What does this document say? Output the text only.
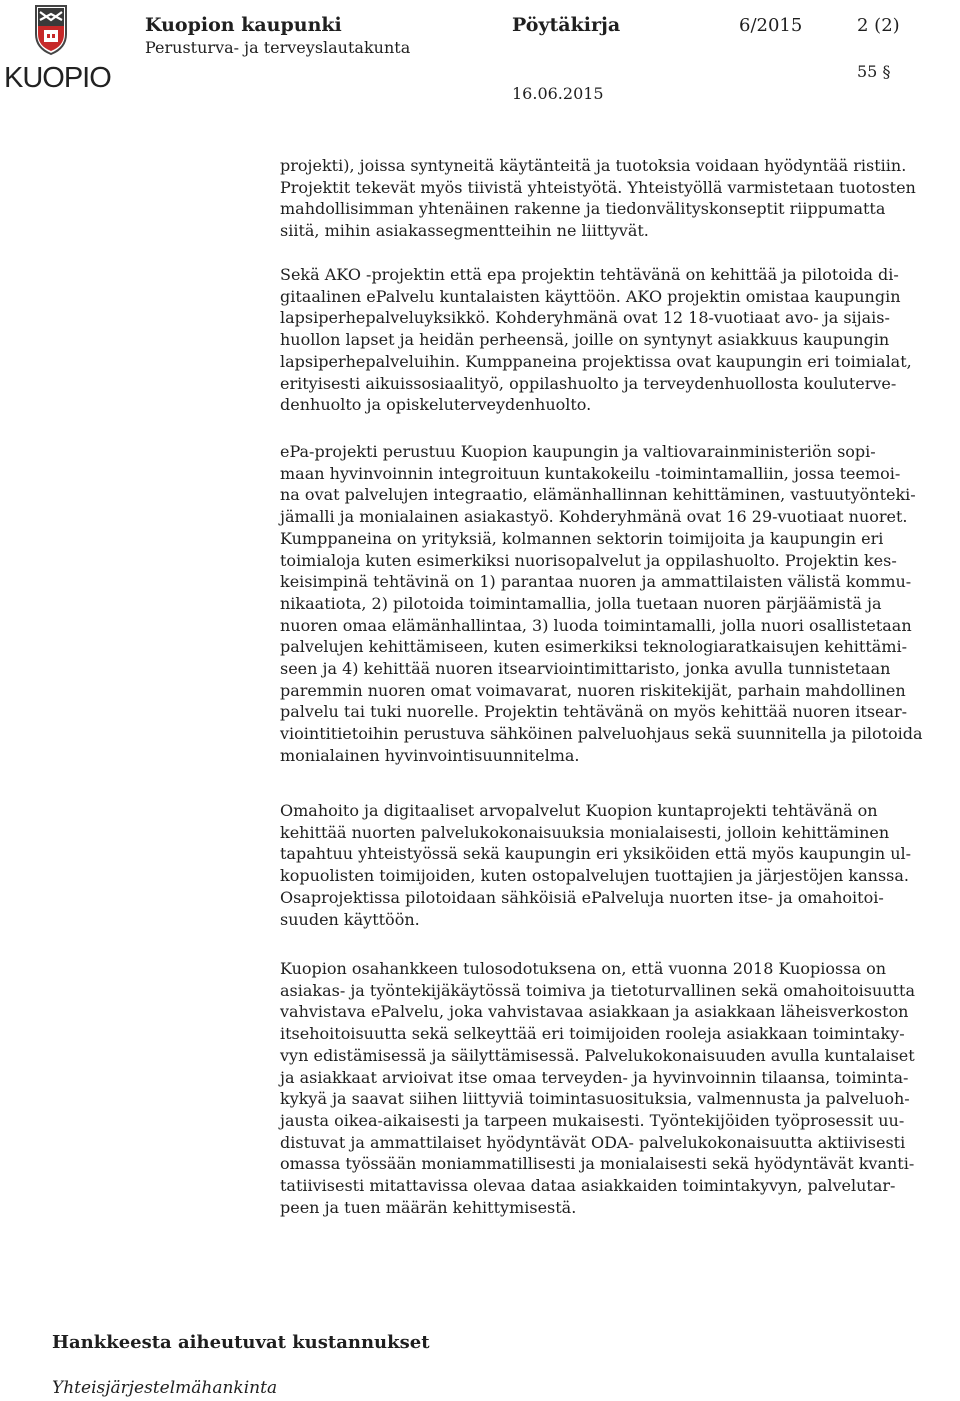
KUOPIO
Kuopion kaupunki
Perusturva- ja terveyslautakunta
Pöytäkirja	6/2015	2 (2)
55 §
16.06.2015
projekti), joissa syntyneitä käytänteitä ja tuotoksia voidaan hyödyntää ristiin.
Projektit tekevät myös tiivistä yhteistyötä. Yhteistyöllä varmistetaan tuotosten
mahdollisimman yhtenäinen rakenne ja tiedonvälityskonseptit riippumatta
siitä, mihin asiakassegmentteihin ne liittyvät.
Sekä AKO -projektin että epa projektin tehtävänä on kehittää ja pilotoida di-
gitaalinen ePalvelu kuntalaisten käyttöön. AKO projektin omistaa kaupungin
lapsiperhepalveluyksikkö. Kohderyhmänä ovat 12 18-vuotiaat avo- ja sijais-
huollon lapset ja heidän perheensä, joille on syntynyt asiakkuus kaupungin
lapsiperhepalveluihin. Kumppaneina projektissa ovat kaupungin eri toimialat,
erityisesti aikuissosiaalityö, oppilashuolto ja terveydenhuollosta kouluterve-
denhuolto ja opiskeluterveydenhuolto.
ePa-projekti perustuu Kuopion kaupungin ja valtiovarainministeriön sopi-
maan hyvinvoinnin integroituun kuntakokeilu -toimintamalliin, jossa teemoi-
na ovat palvelujen integraatio, elämänhallinnan kehittäminen, vastuutyönteki-
jämalli ja monialainen asiakastyö. Kohderyhmänä ovat 16 29-vuotiaat nuoret.
Kumppaneina on yrityksiä, kolmannen sektorin toimijoita ja kaupungin eri
toimialoja kuten esimerkiksi nuorisopalvelut ja oppilashuolto. Projektin kes-
keisimpinä tehtävinä on 1) parantaa nuoren ja ammattilaisten välistä kommu-
nikaatiota, 2) pilotoida toimintamallia, jolla tuetaan nuoren pärjäämistä ja
nuoren omaa elämänhallintaa, 3) luoda toimintamalli, jolla nuori osallistetaan
palvelujen kehittämiseen, kuten esimerkiksi teknologiaratkaisujen kehittämi-
seen ja 4) kehittää nuoren itsearviointimittaristo, jonka avulla tunnistetaan
paremmin nuoren omat voimavarat, nuoren riskitekijät, parhain mahdollinen
palvelu tai tuki nuorelle. Projektin tehtävänä on myös kehittää nuoren itsear-
viointitietoihin perustuva sähköinen palveluohjaus sekä suunnitella ja pilotoida
monialainen hyvinvointisuunnitelma.
Omahoito ja digitaaliset arvopalvelut Kuopion kuntaprojekti tehtävänä on
kehittää nuorten palvelukokonaisuuksia monialaisesti, jolloin kehittäminen
tapahtuu yhteistyössä sekä kaupungin eri yksiköiden että myös kaupungin ul-
kopuolisten toimijoiden, kuten ostopalvelujen tuottajien ja järjestöjen kanssa.
Osaprojektissa pilotoidaan sähköisiä ePalveluja nuorten itse- ja omahoitoi-
suuden käyttöön.
Kuopion osahankkeen tulosodotuksena on, että vuonna 2018 Kuopiossa on
asiakas- ja työntekijäkäytössä toimiva ja tietoturvallinen sekä omahoitoisuutta
vahvistava ePalvelu, joka vahvistavaa asiakkaan ja asiakkaan läheisverkoston
itsehoitoisuutta sekä selkeyttää eri toimijoiden rooleja asiakkaan toimintaky-
vyn edistämisessä ja säilyttämisessä. Palvelukokonaisuuden avulla kuntalaiset
ja asiakkaat arvioivat itse omaa terveyden- ja hyvinvoinnin tilaansa, toiminta-
kykyä ja saavat siihen liittyviä toimintasuosituksia, valmennusta ja palveluoh-
jausta oikea-aikaisesti ja tarpeen mukaisesti. Työntekijöiden työprosessit uu-
distuvat ja ammattilaiset hyödyntävät ODA- palvelukokonaisuutta aktiivisesti
omassa työssään moniammatillisesti ja monialaisesti sekä hyödyntävät kvanti-
tatiivisesti mitattavissa olevaa dataa asiakkaiden toimintakyvyn, palvelutar-
peen ja tuen määrän kehittymisestä.
Hankkeesta aiheutuvat kustannukset
Yhteisjärjestelmähankinta
